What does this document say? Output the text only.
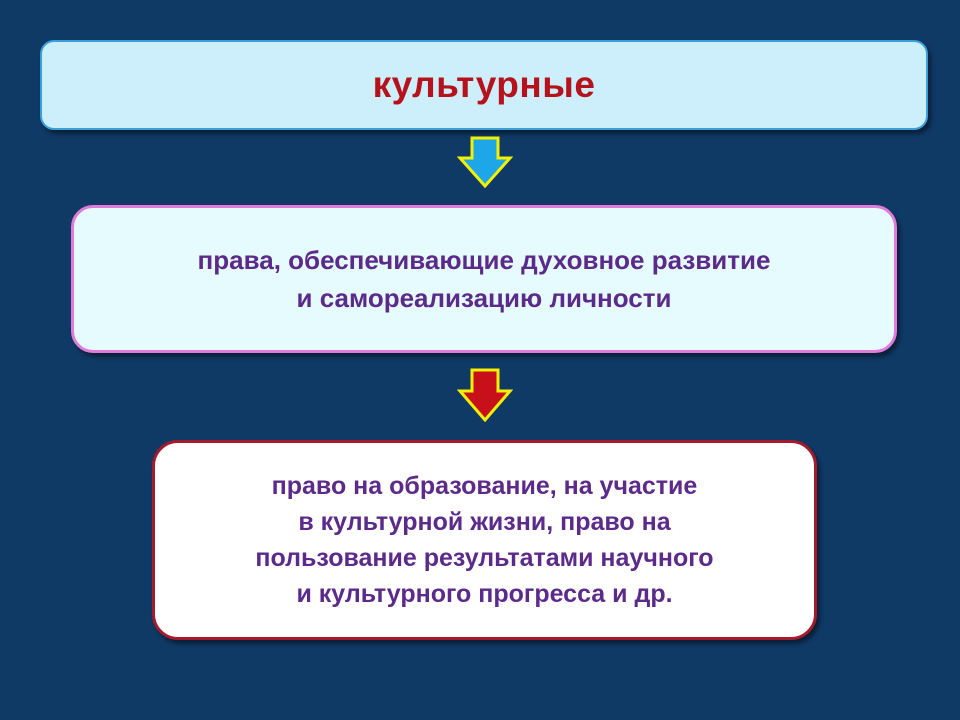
культурные
права, обеспечивающие духовное развитие
и самореализацию личности
право на образование, на участие
в культурной жизни, право на
пользование результатами научного
и культурного прогресса и др.
